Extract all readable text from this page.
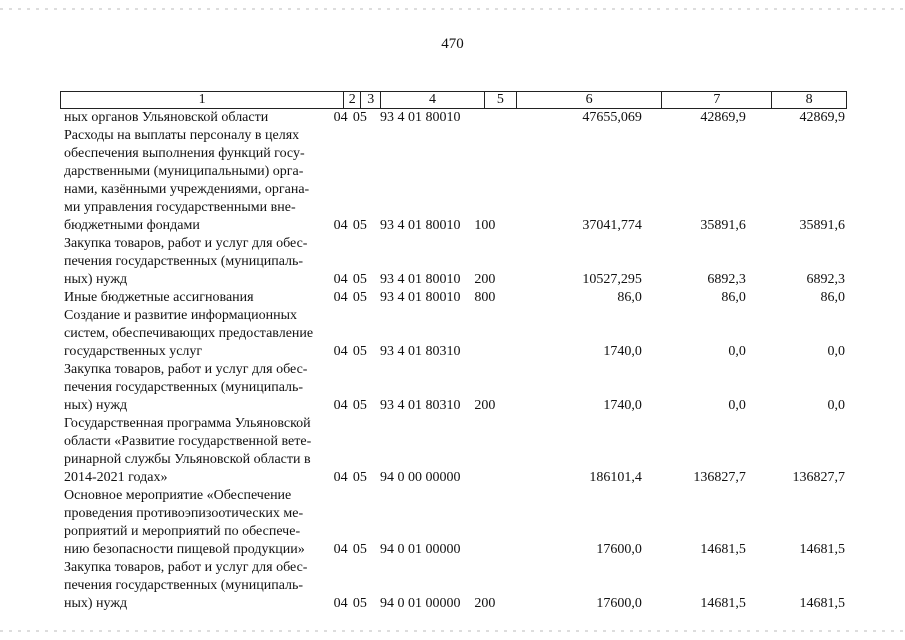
470
1	2 3	4	5	6	7	8
ных органов Ульяновской области	04 05 93 4 01 80010	47655,069	42869,9	42869,9
Расходы на выплаты персоналу в целях
обеспечения выполнения функций госу-
дарственными (муниципальными) орга-
нами, казёнными учреждениями, органа-
ми управления государственными вне-
бюджетными фондами	04 05 93 4 01 80010 100	37041,774	35891,6	35891,6
Закупка товаров, работ и услуг для обес-
печения государственных (муниципаль-
ных) нужд	04 05 93 4 01 80010 200	10527,295	6892,3	6892,3
Иные бюджетные ассигнования	04 05 93 4 01 80010 800	86,0	86,0	86,0
Создание и развитие информационных
систем, обеспечивающих предоставление
государственных услуг	04 05 93 4 01 80310	1740,0	0,0	0,0
Закупка товаров, работ и услуг для обес-
печения государственных (муниципаль-
ных) нужд	04 05 93 4 01 80310 200	1740,0	0,0	0,0
Государственная программа Ульяновской
области «Развитие государственной вете-
ринарной службы Ульяновской области в
2014-2021 годах»	04 05 94 0 00 00000	186101,4	136827,7	136827,7
Основное мероприятие «Обеспечение
проведения противоэпизоотических ме-
роприятий и мероприятий по обеспече-
нию безопасности пищевой продукции»	04 05 94 0 01 00000	17600,0	14681,5	14681,5
Закупка товаров, работ и услуг для обес-
печения государственных (муниципаль-
ных) нужд	04 05 94 0 01 00000 200	17600,0	14681,5	14681,5
